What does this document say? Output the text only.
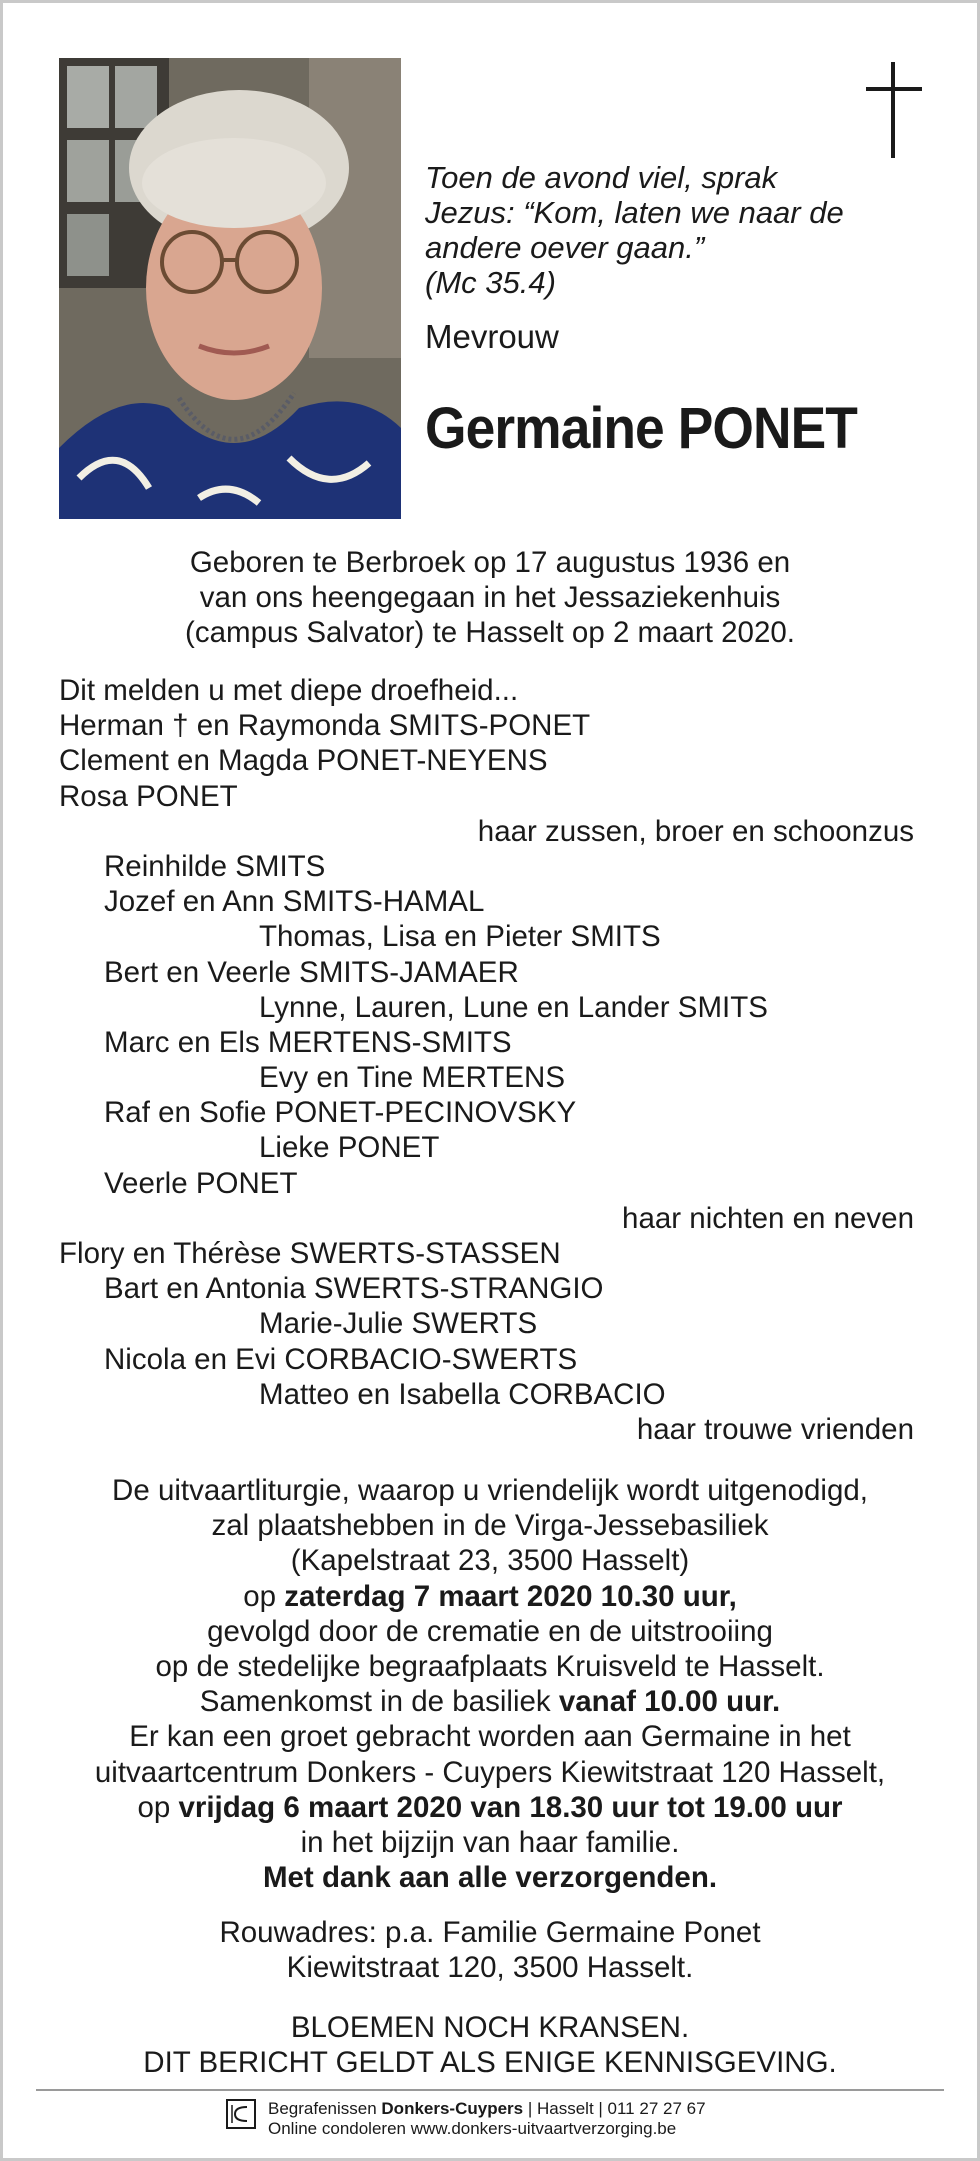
Toen de avond viel, sprak
Jezus: “Kom, laten we naar de
andere oever gaan.”
(Mc 35.4)
Mevrouw
Germaine PONET
Geboren te Berbroek op 17 augustus 1936 en
van ons heengegaan in het Jessaziekenhuis
(campus Salvator) te Hasselt op 2 maart 2020.
Dit melden u met diepe droefheid...
Herman † en Raymonda SMITS-PONET
Clement en Magda PONET-NEYENS
Rosa PONET
haar zussen, broer en schoonzus
Reinhilde SMITS
Jozef en Ann SMITS-HAMAL
Thomas, Lisa en Pieter SMITS
Bert en Veerle SMITS-JAMAER
Lynne, Lauren, Lune en Lander SMITS
Marc en Els MERTENS-SMITS
Evy en Tine MERTENS
Raf en Sofie PONET-PECINOVSKY
Lieke PONET
Veerle PONET
haar nichten en neven
Flory en Thérèse SWERTS-STASSEN
Bart en Antonia SWERTS-STRANGIO
Marie-Julie SWERTS
Nicola en Evi CORBACIO-SWERTS
Matteo en Isabella CORBACIO
haar trouwe vrienden
De uitvaartliturgie, waarop u vriendelijk wordt uitgenodigd,
zal plaatshebben in de Virga-Jessebasiliek
(Kapelstraat 23, 3500 Hasselt)
op zaterdag 7 maart 2020 10.30 uur,
gevolgd door de crematie en de uitstrooiing
op de stedelijke begraafplaats Kruisveld te Hasselt.
Samenkomst in de basiliek vanaf 10.00 uur.
Er kan een groet gebracht worden aan Germaine in het
uitvaartcentrum Donkers - Cuypers Kiewitstraat 120 Hasselt,
op vrijdag 6 maart 2020 van 18.30 uur tot 19.00 uur
in het bijzijn van haar familie.
Met dank aan alle verzorgenden.
Rouwadres: p.a. Familie Germaine Ponet
Kiewitstraat 120, 3500 Hasselt.
BLOEMEN NOCH KRANSEN.
DIT BERICHT GELDT ALS ENIGE KENNISGEVING.
Begrafenissen Donkers-Cuypers | Hasselt | 011 27 27 67
Online condoleren www.donkers-uitvaartverzorging.be
